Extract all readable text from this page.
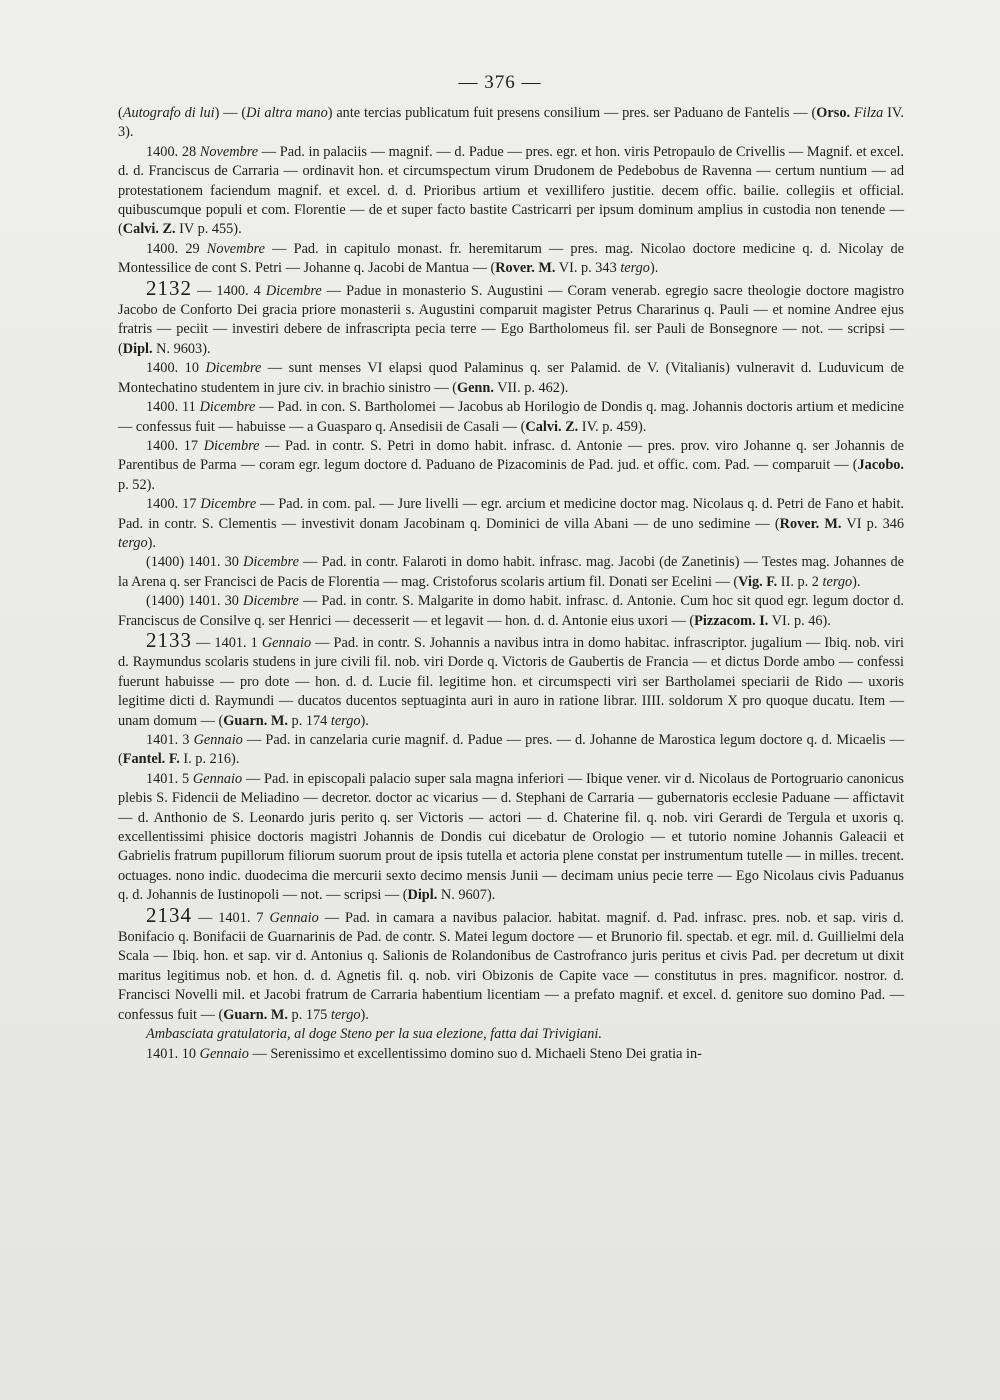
— 376 —

(Autografo di lui) — (Di altra mano) ante tercias publicatum fuit presens consilium — pres. ser Paduano de Fantelis — (Orso. Filza IV. 3).

1400. 28 Novembre — Pad. in palaciis — magnif. — d. Padue — pres. egr. et hon. viris Petropaulo de Crivellis — Magnif. et excel. d. d. Franciscus de Carraria — ordinavit hon. et circumspectum virum Drudonem de Pedebobus de Ravenna — certum nuntium — ad protestationem faciendum magnif. et excel. d. d. Prioribus artium et vexillifero justitie. decem offic. bailie. collegiis et official. quibuscumque populi et com. Florentie — de et super facto bastite Castricarri per ipsum dominum amplius in custodia non tenende — (Calvi. Z. IV p. 455).

1400. 29 Novembre — Pad. in capitulo monast. fr. heremitarum — pres. mag. Nicolao doctore medicine q. d. Nicolay de Montessilice de cont S. Petri — Johanne q. Jacobi de Mantua — (Rover. M. VI. p. 343 tergo).

2132 — 1400. 4 Dicembre — Padue in monasterio S. Augustini — Coram venerab. egregio sacre theologie doctore magistro Jacobo de Conforto Dei gracia priore monasterii s. Augustini comparuit magister Petrus Chararinus q. Pauli — et nomine Andree ejus fratris — peciit — investiri debere de infrascripta pecia terre — Ego Bartholomeus fil. ser Pauli de Bonsegnore — not. — scripsi — (Dipl. N. 9603).

1400. 10 Dicembre — sunt menses VI elapsi quod Palaminus q. ser Palamid. de V. (Vitalianis) vulneravit d. Luduvicum de Montechatino studentem in jure civ. in brachio sinistro — (Genn. VII. p. 462).

1400. 11 Dicembre — Pad. in con. S. Bartholomei — Jacobus ab Horilogio de Dondis q. mag. Johannis doctoris artium et medicine — confessus fuit — habuisse — a Guasparo q. Ansedisii de Casali — (Calvi. Z. IV. p. 459).

1400. 17 Dicembre — Pad. in contr. S. Petri in domo habit. infrasc. d. Antonie — pres. prov. viro Johanne q. ser Johannis de Parentibus de Parma — coram egr. legum doctore d. Paduano de Pizacominis de Pad. jud. et offic. com. Pad. — comparuit — (Jacobo. p. 52).

1400. 17 Dicembre — Pad. in com. pal. — Jure livelli — egr. arcium et medicine doctor mag. Nicolaus q. d. Petri de Fano et habit. Pad. in contr. S. Clementis — investivit donam Jacobinam q. Dominici de villa Abani — de uno sedimine — (Rover. M. VI p. 346 tergo).

(1400) 1401. 30 Dicembre — Pad. in contr. Falaroti in domo habit. infrasc. mag. Jacobi (de Zanetinis) — Testes mag. Johannes de la Arena q. ser Francisci de Pacis de Florentia — mag. Cristoforus scolaris artium fil. Donati ser Ecelini — (Vig. F. II. p. 2 tergo).

(1400) 1401. 30 Dicembre — Pad. in contr. S. Malgarite in domo habit. infrasc. d. Antonie. Cum hoc sit quod egr. legum doctor d. Franciscus de Consilve q. ser Henrici — decesserit — et legavit — hon. d. d. Antonie eius uxori — (Pizzacom. I. VI. p. 46).

2133 — 1401. 1 Gennaio — Pad. in contr. S. Johannis a navibus intra in domo habitac. infrascriptor. jugalium — Ibiq. nob. viri d. Raymundus scolaris studens in jure civili fil. nob. viri Dorde q. Victoris de Gaubertis de Francia — et dictus Dorde ambo — confessi fuerunt habuisse — pro dote — hon. d. d. Lucie fil. legitime hon. et circumspecti viri ser Bartholamei speciarii de Rido — uxoris legitime dicti d. Raymundi — ducatos ducentos septuaginta auri in auro in ratione librar. IIII. soldorum X pro quoque ducatu. Item — unam domum — (Guarn. M. p. 174 tergo).

1401. 3 Gennaio — Pad. in canzelaria curie magnif. d. Padue — pres. — d. Johanne de Marostica legum doctore q. d. Micaelis — (Fantel. F. I. p. 216).

1401. 5 Gennaio — Pad. in episcopali palacio super sala magna inferiori — Ibique vener. vir d. Nicolaus de Portogruario canonicus plebis S. Fidencii de Meliadino — decretor. doctor ac vicarius — d. Stephani de Carraria — gubernatoris ecclesie Paduane — affictavit — d. Anthonio de S. Leonardo juris perito q. ser Victoris — actori — d. Chaterine fil. q. nob. viri Gerardi de Tergula et uxoris q. excellentissimi phisice doctoris magistri Johannis de Dondis cui dicebatur de Orologio — et tutorio nomine Johannis Galeacii et Gabrielis fratrum pupillorum filiorum suorum prout de ipsis tutella et actoria plene constat per instrumentum tutelle — in milles. trecent. octuages. nono indic. duodecima die mercurii sexto decimo mensis Junii — decimam unius pecie terre — Ego Nicolaus civis Paduanus q. d. Johannis de Iustinopoli — not. — scripsi — (Dipl. N. 9607).

2134 — 1401. 7 Gennaio — Pad. in camara a navibus palacior. habitat. magnif. d. Pad. infrasc. pres. nob. et sap. viris d. Bonifacio q. Bonifacii de Guarnarinis de Pad. de contr. S. Matei legum doctore — et Brunorio fil. spectab. et egr. mil. d. Guillielmi dela Scala — Ibiq. hon. et sap. vir d. Antonius q. Salionis de Rolandonibus de Castrofranco juris peritus et civis Pad. per decretum ut dixit maritus legitimus nob. et hon. d. d. Agnetis fil. q. nob. viri Obizonis de Capite vace — constitutus in pres. magnificor. nostror. d. Francisci Novelli mil. et Jacobi fratrum de Carraria habentium licentiam — a prefato magnif. et excel. d. genitore suo domino Pad. — confessus fuit — (Guarn. M. p. 175 tergo).

Ambasciata gratulatoria, al doge Steno per la sua elezione, fatta dai Trivigiani.

1401. 10 Gennaio — Serenissimo et excellentissimo domino suo d. Michaeli Steno Dei gratia in-
